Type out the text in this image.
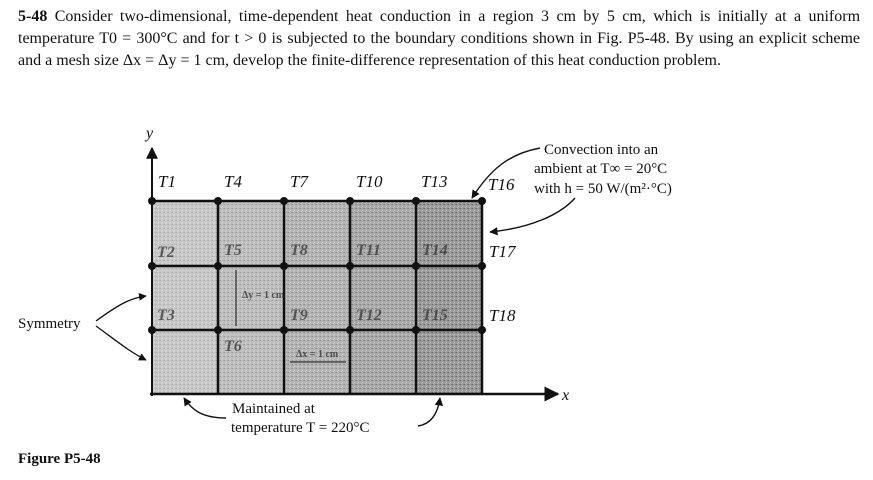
5-48 Consider two-dimensional, time-dependent heat conduction in a region 3 cm by 5 cm, which is initially at a uniform temperature T0 = 300°C and for t > 0 is subjected to the boundary conditions shown in Fig. P5-48. By using an explicit scheme and a mesh size Δx = Δy = 1 cm, develop the finite-difference representation of this heat conduction problem.

y
x
T1	T4	T7	T10 T13 T16
T17
T18
T2	T5	T8	T11	T14
T3
T6
T9	T12	T15
Δy = 1 cm
Δx = 1 cm
Symmetry
Convection into an
ambient at T∞ = 20°C
with h = 50 W/(m²·°C)
Maintained at
temperature T = 220°C
Figure P5-48
